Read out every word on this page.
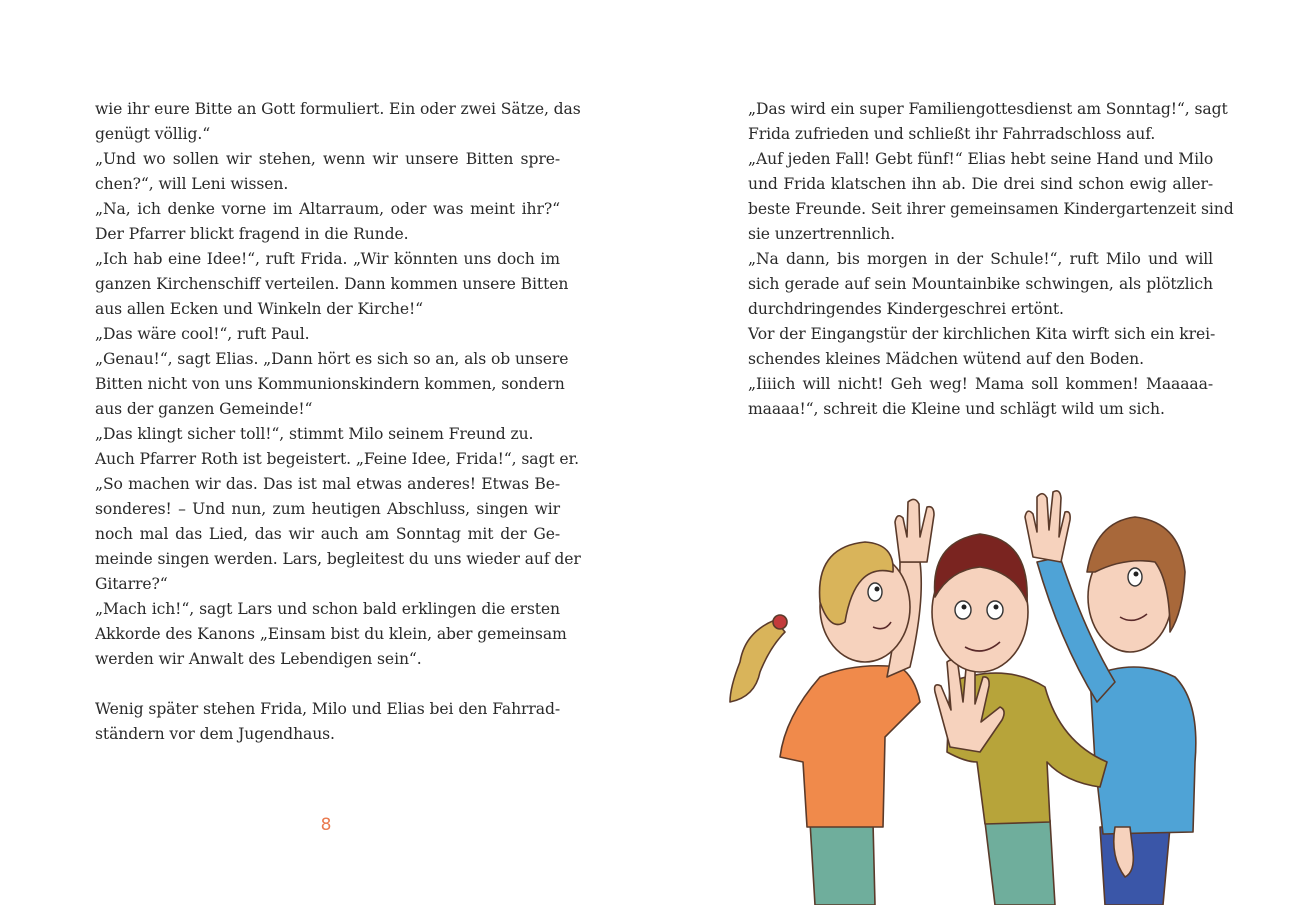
wie ihr eure Bitte an Gott formuliert. Ein oder zwei Sätze, das
genügt völlig.“
„Und wo sollen wir stehen, wenn wir unsere Bitten spre-
chen?“, will Leni wissen.
„Na, ich denke vorne im Altarraum, oder was meint ihr?“
Der Pfarrer blickt fragend in die Runde.
„Ich hab eine Idee!“, ruft Frida. „Wir könnten uns doch im
ganzen Kirchenschiff verteilen. Dann kommen unsere Bitten
aus allen Ecken und Winkeln der Kirche!“
„Das wäre cool!“, ruft Paul.
„Genau!“, sagt Elias. „Dann hört es sich so an, als ob unsere
Bitten nicht von uns Kommunionskindern kommen, sondern
aus der ganzen Gemeinde!“
„Das klingt sicher toll!“, stimmt Milo seinem Freund zu.
Auch Pfarrer Roth ist begeistert. „Feine Idee, Frida!“, sagt er.
„So machen wir das. Das ist mal etwas anderes! Etwas Be-
sonderes! – Und nun, zum heutigen Abschluss, singen wir
noch mal das Lied, das wir auch am Sonntag mit der Ge-
meinde singen werden. Lars, begleitest du uns wieder auf der
Gitarre?“
„Mach ich!“, sagt Lars und schon bald erklingen die ersten
Akkorde des Kanons „Einsam bist du klein, aber gemeinsam
werden wir Anwalt des Lebendigen sein“.
Wenig später stehen Frida, Milo und Elias bei den Fahrrad-
ständern vor dem Jugendhaus.
„Das wird ein super Familiengottesdienst am Sonntag!“, sagt
Frida zufrieden und schließt ihr Fahrradschloss auf.
„Auf jeden Fall! Gebt fünf!“ Elias hebt seine Hand und Milo
und Frida klatschen ihn ab. Die drei sind schon ewig aller-
beste Freunde. Seit ihrer gemeinsamen Kindergartenzeit sind
sie unzertrennlich.
„Na dann, bis morgen in der Schule!“, ruft Milo und will
sich gerade auf sein Mountainbike schwingen, als plötzlich
durchdringendes Kindergeschrei ertönt.
Vor der Eingangstür der kirchlichen Kita wirft sich ein krei-
schendes kleines Mädchen wütend auf den Boden.
„Iiiich will nicht! Geh weg! Mama soll kommen! Maaaaa-
maaaa!“, schreit die Kleine und schlägt wild um sich.
8
